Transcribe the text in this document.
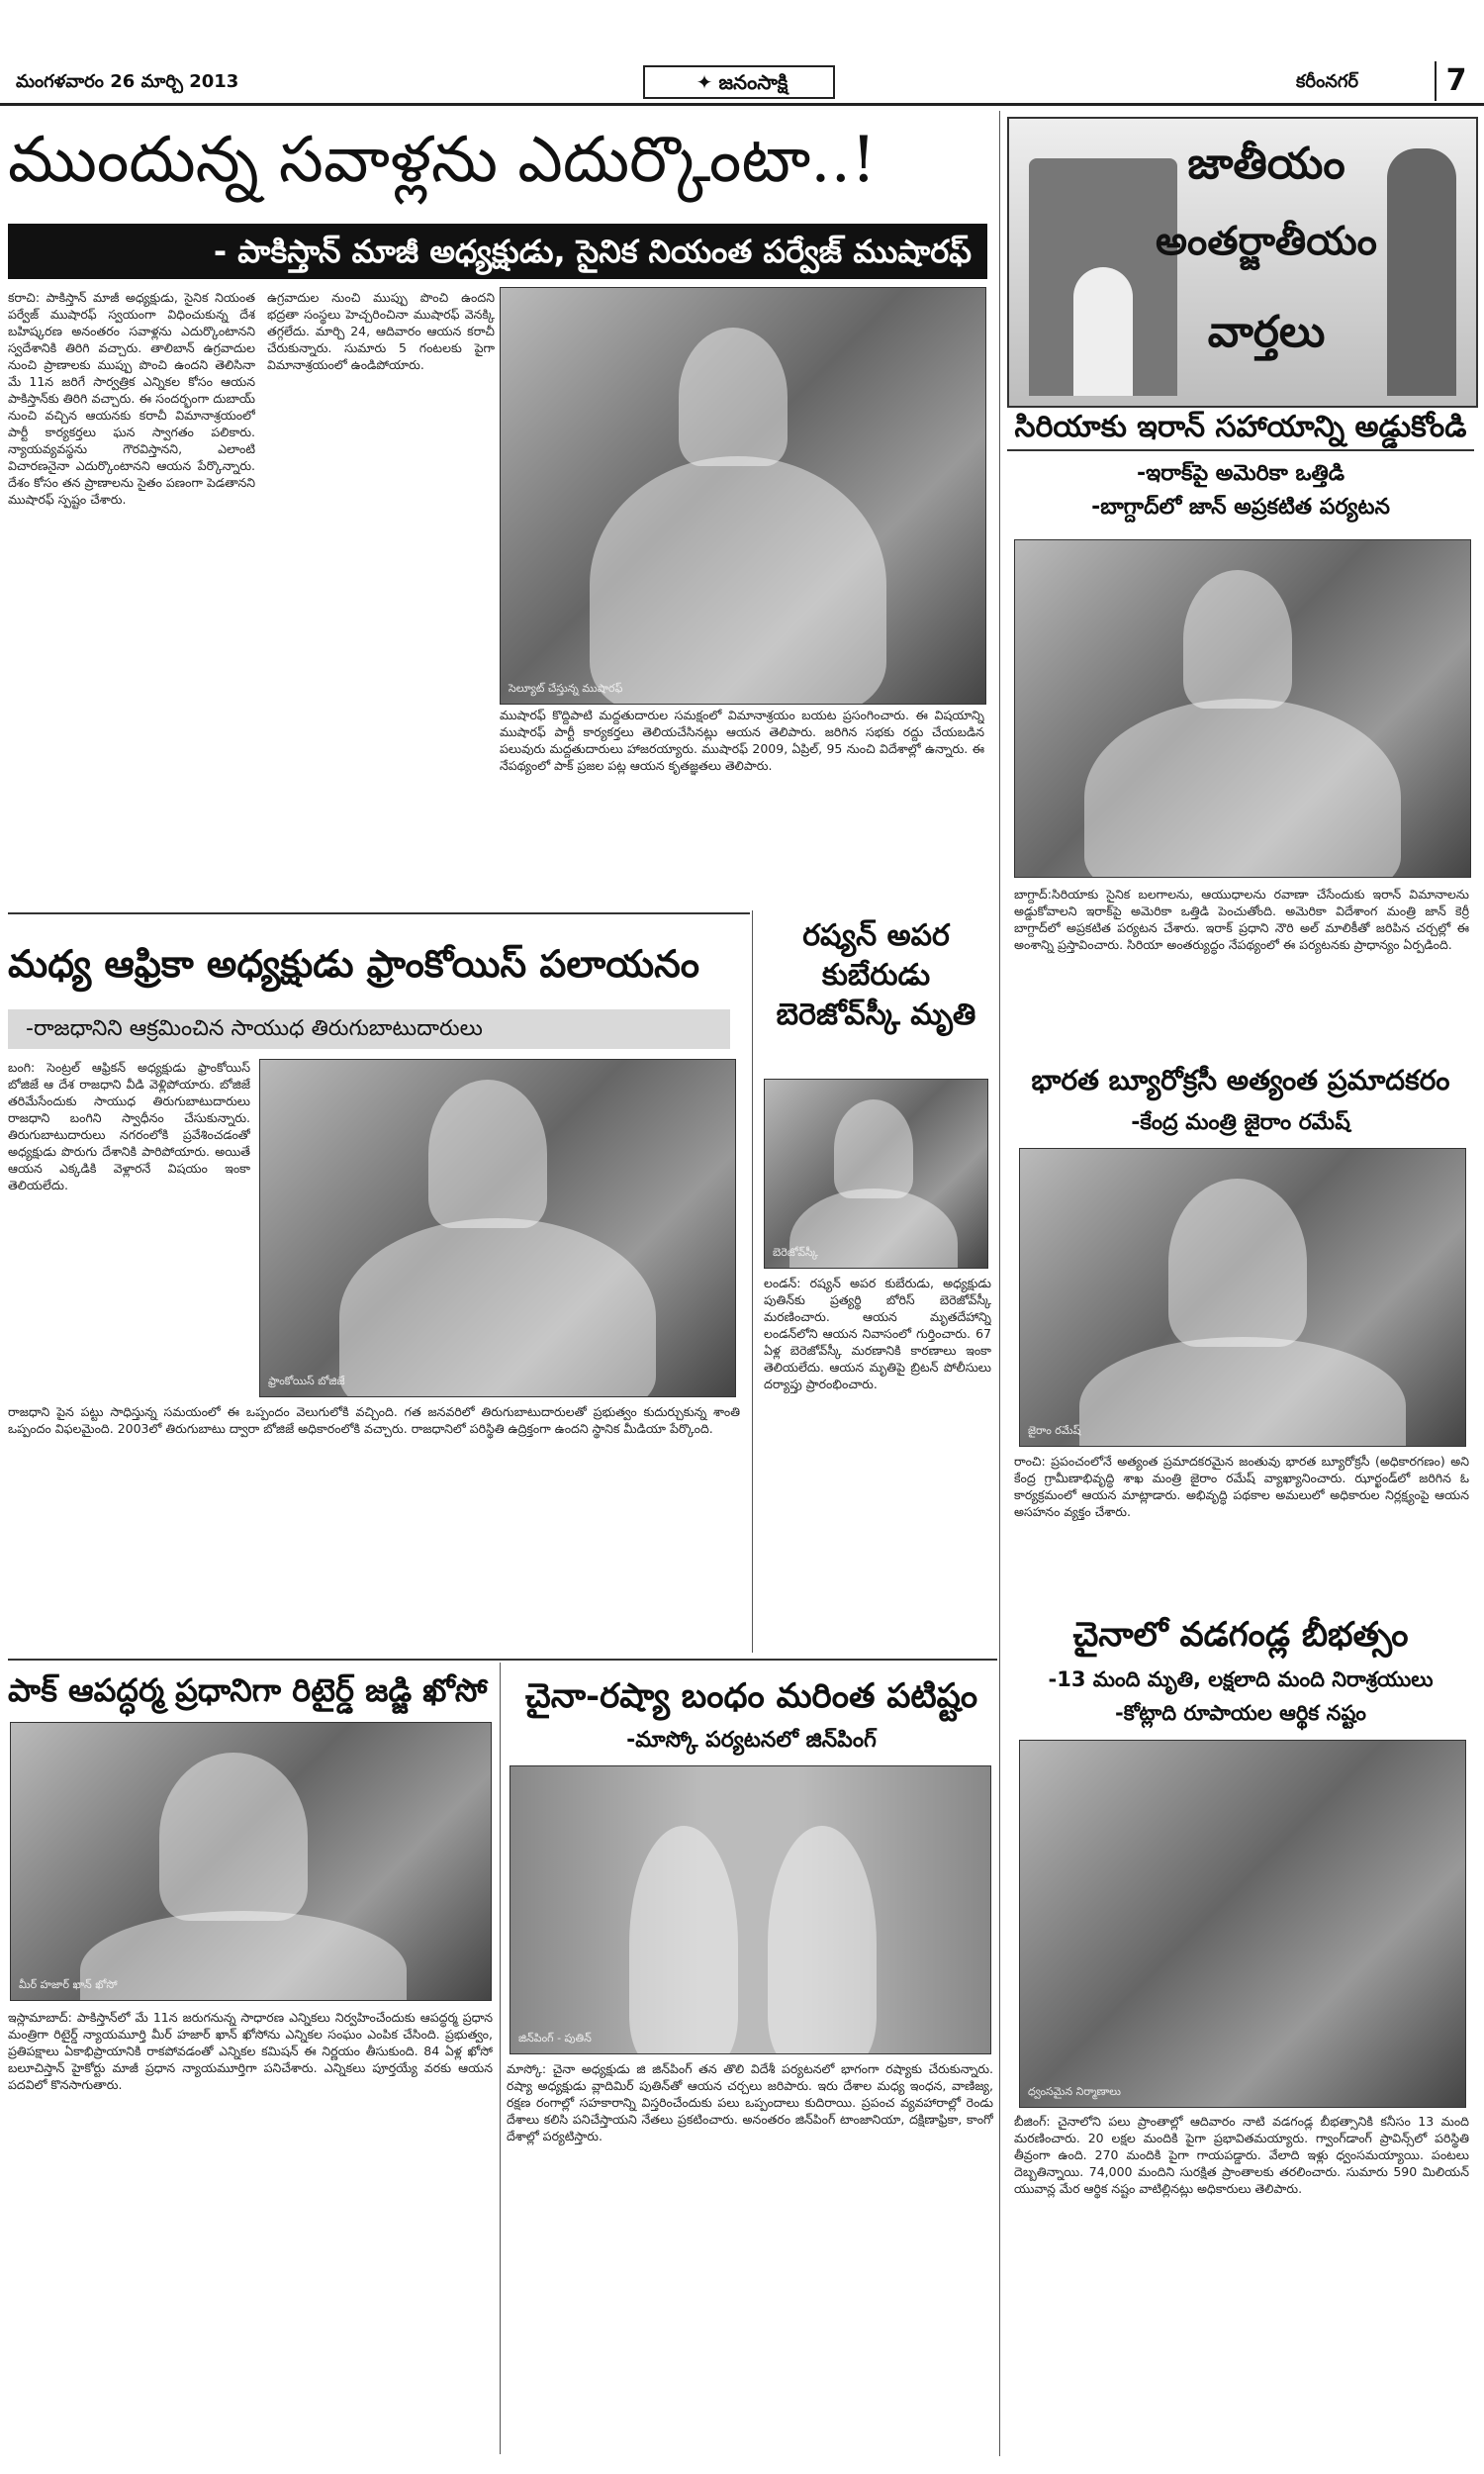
మంగళవారం 26 మార్చి 2013	✦ జనంసాక్షి	కరీంనగర్	7
ముందున్న సవాళ్లను ఎదుర్కొంటా..!
- పాకిస్తాన్ మాజీ అధ్యక్షుడు, సైనిక నియంత పర్వేజ్ ముషారఫ్
కరాచి: పాకిస్తాన్ మాజీ అధ్యక్షుడు, సైనిక నియంత పర్వేజ్ ముషారఫ్ స్వయంగా విధించుకున్న దేశ బహిష్కరణ అనంతరం సవాళ్లను ఎదుర్కొంటానని స్వదేశానికి తిరిగి వచ్చారు. తాలిబాన్ ఉగ్రవాదుల నుంచి ప్రాణాలకు ముప్పు పొంచి ఉందని తెలిసినా మే 11న జరిగే సార్వత్రిక ఎన్నికల కోసం ఆయన పాకిస్తాన్‌కు తిరిగి వచ్చారు. ఈ సందర్భంగా దుబాయ్ నుంచి వచ్చిన ఆయనకు కరాచీ విమానాశ్రయంలో పార్టీ కార్యకర్తలు ఘన స్వాగతం పలికారు. న్యాయవ్యవస్థను గౌరవిస్తానని, ఎలాంటి విచారణనైనా ఎదుర్కొంటానని ఆయన పేర్కొన్నారు. దేశం కోసం తన ప్రాణాలను సైతం పణంగా పెడతానని ముషారఫ్ స్పష్టం చేశారు.
ఉగ్రవాదుల నుంచి ముప్పు పొంచి ఉందని భద్రతా సంస్థలు హెచ్చరించినా ముషారఫ్ వెనక్కి తగ్గలేదు. మార్చి 24, ఆదివారం ఆయన కరాచీ చేరుకున్నారు. సుమారు 5 గంటలకు పైగా విమానాశ్రయంలో ఉండిపోయారు.
సెల్యూట్ చేస్తున్న ముషారఫ్
ముషారఫ్ కొద్దిపాటి మద్దతుదారుల సమక్షంలో విమానాశ్రయం బయట ప్రసంగించారు. ఈ విషయాన్ని ముషారఫ్ పార్టీ కార్యకర్తలు తెలియచేసినట్లు ఆయన తెలిపారు. జరిగిన సభకు రద్దు చేయబడిన పలువురు మద్దతుదారులు హాజరయ్యారు. ముషారఫ్ 2009, ఏప్రిల్, 95 నుంచి విదేశాల్లో ఉన్నారు. ఈ నేపథ్యంలో పాక్ ప్రజల పట్ల ఆయన కృతజ్ఞతలు తెలిపారు.
జాతీయం
అంతర్జాతీయం
వార్తలు
సిరియాకు ఇరాన్ సహాయాన్ని అడ్డుకోండి
-ఇరాక్‌పై అమెరికా ఒత్తిడి
-బాగ్దాద్‌లో జాన్ అప్రకటిత పర్యటన
బాగ్దాద్:సిరియాకు సైనిక బలగాలను, ఆయుధాలను రవాణా చేసేందుకు ఇరాన్ విమానాలను అడ్డుకోవాలని ఇరాక్‌పై అమెరికా ఒత్తిడి పెంచుతోంది. అమెరికా విదేశాంగ మంత్రి జాన్ కెర్రీ బాగ్దాద్‌లో అప్రకటిత పర్యటన చేశారు. ఇరాక్ ప్రధాని నౌరి అల్ మాలికీతో జరిపిన చర్చల్లో ఈ అంశాన్ని ప్రస్తావించారు. సిరియా అంతర్యుద్ధం నేపథ్యంలో ఈ పర్యటనకు ప్రాధాన్యం ఏర్పడింది.
భారత బ్యూరోక్రసీ అత్యంత ప్రమాదకరం
-కేంద్ర మంత్రి జైరాం రమేష్
జైరాం రమేష్
రాంచి: ప్రపంచంలోనే అత్యంత ప్రమాదకరమైన జంతువు భారత బ్యూరోక్రసీ (అధికారగణం) అని కేంద్ర గ్రామీణాభివృద్ధి శాఖ మంత్రి జైరాం రమేష్ వ్యాఖ్యానించారు. ఝార్ఖండ్‌లో జరిగిన ఓ కార్యక్రమంలో ఆయన మాట్లాడారు. అభివృద్ధి పథకాల అమలులో అధికారుల నిర్లక్ష్యంపై ఆయన అసహనం వ్యక్తం చేశారు.
చైనాలో వడగండ్ల బీభత్సం
-13 మంది మృతి, లక్షలాది మంది నిరాశ్రయులు
-కోట్లాది రూపాయల ఆర్థిక నష్టం
ధ్వంసమైన నిర్మాణాలు
బీజింగ్: చైనాలోని పలు ప్రాంతాల్లో ఆదివారం నాటి వడగండ్ల బీభత్సానికి కనీసం 13 మంది మరణించారు. 20 లక్షల మందికి పైగా ప్రభావితమయ్యారు. గ్వాంగ్‌డాంగ్ ప్రావిన్స్‌లో పరిస్థితి తీవ్రంగా ఉంది. 270 మందికి పైగా గాయపడ్డారు. వేలాది ఇళ్లు ధ్వంసమయ్యాయి. పంటలు దెబ్బతిన్నాయి. 74,000 మందిని సురక్షిత ప్రాంతాలకు తరలించారు. సుమారు 590 మిలియన్ యువాన్ల మేర ఆర్థిక నష్టం వాటిల్లినట్లు అధికారులు తెలిపారు.
మధ్య ఆఫ్రికా అధ్యక్షుడు ఫ్రాంకోయిస్ పలాయనం
-రాజధానిని ఆక్రమించిన సాయుధ తిరుగుబాటుదారులు
బంగి: సెంట్రల్ ఆఫ్రికన్ అధ్యక్షుడు ఫ్రాంకోయిస్ బోజిజే ఆ దేశ రాజధాని వీడి వెళ్లిపోయారు. బోజిజే తరిమేసేందుకు సాయుధ తిరుగుబాటుదారులు రాజధాని బంగిని స్వాధీనం చేసుకున్నారు. తిరుగుబాటుదారులు నగరంలోకి ప్రవేశించడంతో అధ్యక్షుడు పొరుగు దేశానికి పారిపోయారు. అయితే ఆయన ఎక్కడికి వెళ్లారనే విషయం ఇంకా తెలియలేదు.
ఫ్రాంకోయిస్ బోజిజే
రాజధాని పైన పట్టు సాధిస్తున్న సమయంలో ఈ ఒప్పందం వెలుగులోకి వచ్చింది. గత జనవరిలో తిరుగుబాటుదారులతో ప్రభుత్వం కుదుర్చుకున్న శాంతి ఒప్పందం విఫలమైంది. 2003లో తిరుగుబాటు ద్వారా బోజిజే అధికారంలోకి వచ్చారు. రాజధానిలో పరిస్థితి ఉద్రిక్తంగా ఉందని స్థానిక మీడియా పేర్కొంది.
రష్యన్ అపర కుబేరుడు బెరెజోవ్‌స్కీ మృతి
బెరెజోవ్‌స్కీ
లండన్: రష్యన్ అపర కుబేరుడు, అధ్యక్షుడు పుతిన్‌కు ప్రత్యర్థి బోరిస్ బెరెజోవ్‌స్కీ మరణించారు. ఆయన మృతదేహాన్ని లండన్‌లోని ఆయన నివాసంలో గుర్తించారు. 67 ఏళ్ల బెరెజోవ్‌స్కీ మరణానికి కారణాలు ఇంకా తెలియలేదు. ఆయన మృతిపై బ్రిటన్ పోలీసులు దర్యాప్తు ప్రారంభించారు.
పాక్ ఆపద్ధర్మ ప్రధానిగా రిటైర్డ్ జడ్జి ఖోసో
మీర్ హజార్ ఖాన్ ఖోసో
ఇస్లామాబాద్: పాకిస్తాన్‌లో మే 11న జరుగనున్న సాధారణ ఎన్నికలు నిర్వహించేందుకు ఆపద్ధర్మ ప్రధాన మంత్రిగా రిటైర్డ్ న్యాయమూర్తి మీర్ హజార్ ఖాన్ ఖోసోను ఎన్నికల సంఘం ఎంపిక చేసింది. ప్రభుత్వం, ప్రతిపక్షాలు ఏకాభిప్రాయానికి రాకపోవడంతో ఎన్నికల కమిషన్ ఈ నిర్ణయం తీసుకుంది. 84 ఏళ్ల ఖోసో బలూచిస్తాన్ హైకోర్టు మాజీ ప్రధాన న్యాయమూర్తిగా పనిచేశారు. ఎన్నికలు పూర్తయ్యే వరకు ఆయన పదవిలో కొనసాగుతారు.
చైనా-రష్యా బంధం మరింత పటిష్టం
-మాస్కో పర్యటనలో జిన్‌పింగ్
జిన్‌పింగ్ - పుతిన్
మాస్కో: చైనా అధ్యక్షుడు జి జిన్‌పింగ్ తన తొలి విదేశీ పర్యటనలో భాగంగా రష్యాకు చేరుకున్నారు. రష్యా అధ్యక్షుడు వ్లాదిమిర్ పుతిన్‌తో ఆయన చర్చలు జరిపారు. ఇరు దేశాల మధ్య ఇంధన, వాణిజ్య, రక్షణ రంగాల్లో సహకారాన్ని విస్తరించేందుకు పలు ఒప్పందాలు కుదిరాయి. ప్రపంచ వ్యవహారాల్లో రెండు దేశాలు కలిసి పనిచేస్తాయని నేతలు ప్రకటించారు. అనంతరం జిన్‌పింగ్ టాంజానియా, దక్షిణాఫ్రికా, కాంగో దేశాల్లో పర్యటిస్తారు.
